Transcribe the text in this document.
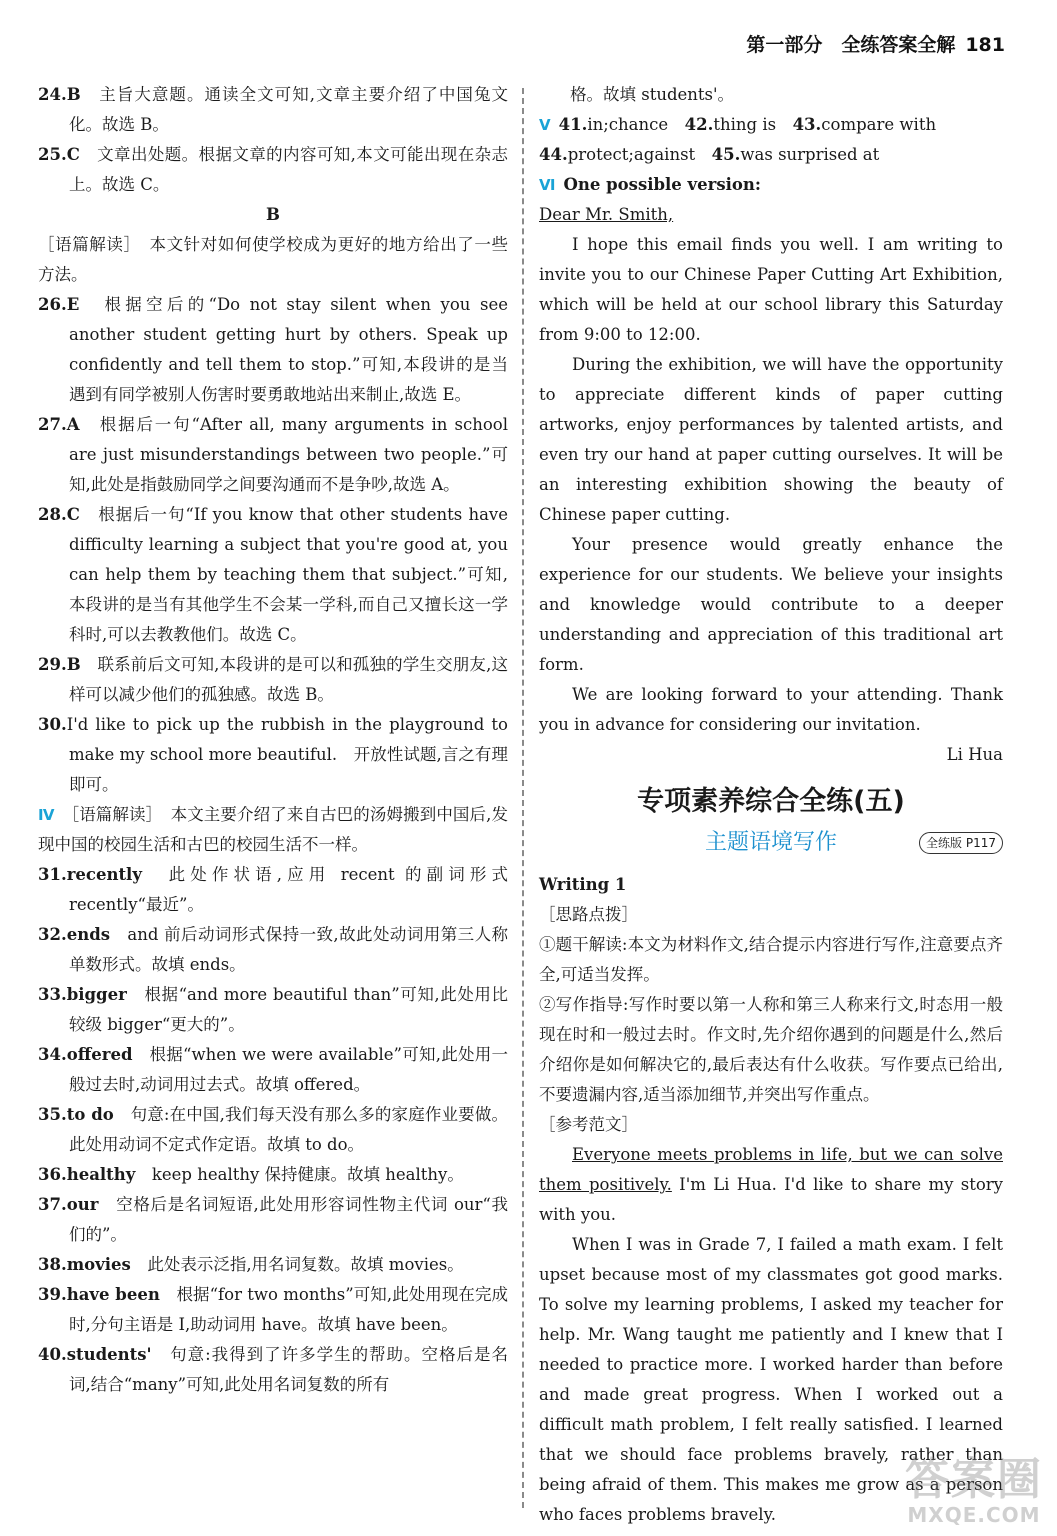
第一部分　全练答案全解 181

24.B　 主旨大意题。通读全文可知,文章主要介绍了中国兔文化。故选 B。

25.C　 文章出处题。根据文章的内容可知,本文可能出现在杂志上。故选 C。

B

［语篇解读］　本文针对如何使学校成为更好的地方给出了一些方法。

26.E　 根据空后的“Do not stay silent when you see another student getting hurt by others. Speak up confidently and tell them to stop.”可知,本段讲的是当遇到有同学被别人伤害时要勇敢地站出来制止,故选 E。

27.A　 根据后一句“After all, many arguments in school are just misunderstandings between two people.”可知,此处是指鼓励同学之间要沟通而不是争吵,故选 A。

28.C　 根据后一句“If you know that other students have difficulty learning a subject that you're good at, you can help them by teaching them that subject.”可知,本段讲的是当有其他学生不会某一学科,而自己又擅长这一学科时,可以去教教他们。故选 C。

29.B　 联系前后文可知,本段讲的是可以和孤独的学生交朋友,这样可以减少他们的孤独感。故选 B。

30.I'd like to pick up the rubbish in the playground to make my school more beautiful.　开放性试题,言之有理即可。

Ⅳ ［语篇解读］　本文主要介绍了来自古巴的汤姆搬到中国后,发现中国的校园生活和古巴的校园生活不一样。

31.recently　 此处作状语,应用 recent 的副词形式 recently“最近”。

32.ends　 and 前后动词形式保持一致,故此处动词用第三人称单数形式。故填 ends。

33.bigger　 根据“and more beautiful than”可知,此处用比较级 bigger“更大的”。

34.offered　 根据“when we were available”可知,此处用一般过去时,动词用过去式。故填 offered。

35.to do　 句意:在中国,我们每天没有那么多的家庭作业要做。此处用动词不定式作定语。故填 to do。

36.healthy　 keep healthy 保持健康。故填 healthy。

37.our　 空格后是名词短语,此处用形容词性物主代词 our“我们的”。

38.movies　 此处表示泛指,用名词复数。故填 movies。

39.have been　 根据“for two months”可知,此处用现在完成时,分句主语是 I,助动词用 have。故填 have been。

40.students'　 句意:我得到了许多学生的帮助。空格后是名词,结合“many”可知,此处用名词复数的所有

格。故填 students'。

Ⅴ 41.in;chance　 42.thing is　 43.compare with

44.protect;against　 45.was surprised at

Ⅵ One possible version:

Dear Mr. Smith,

I hope this email finds you well. I am writing to invite you to our Chinese Paper Cutting Art Exhibition, which will be held at our school library this Saturday from 9:00 to 12:00.

During the exhibition, we will have the opportunity to appreciate different kinds of paper cutting artworks, enjoy performances by talented artists, and even try our hand at paper cutting ourselves. It will be an interesting exhibition showing the beauty of Chinese paper cutting.

Your presence would greatly enhance the experience for our students. We believe your insights and knowledge would contribute to a deeper understanding and appreciation of this traditional art form.

We are looking forward to your attending. Thank you in advance for considering our invitation.

Li Hua

专项素养综合全练(五)
主题语境写作	全练版 P117

Writing 1

［思路点拨］

①题干解读:本文为材料作文,结合提示内容进行写作,注意要点齐全,可适当发挥。

②写作指导:写作时要以第一人称和第三人称来行文,时态用一般现在时和一般过去时。作文时,先介绍你遇到的问题是什么,然后介绍你是如何解决它的,最后表达有什么收获。写作要点已给出,不要遗漏内容,适当添加细节,并突出写作重点。

［参考范文］

Everyone meets problems in life, but we can solve them positively. I'm Li Hua. I'd like to share my story with you.

When I was in Grade 7, I failed a math exam. I felt upset because most of my classmates got good marks. To solve my learning problems, I asked my teacher for help. Mr. Wang taught me patiently and I knew that I needed to practice more. I worked harder than before and made great progress. When I worked out a difficult math problem, I felt really satisfied. I learned that we should face problems bravely, rather than being afraid of them. This makes me grow as a person who faces problems bravely.

答案圈
MXQE.COM
